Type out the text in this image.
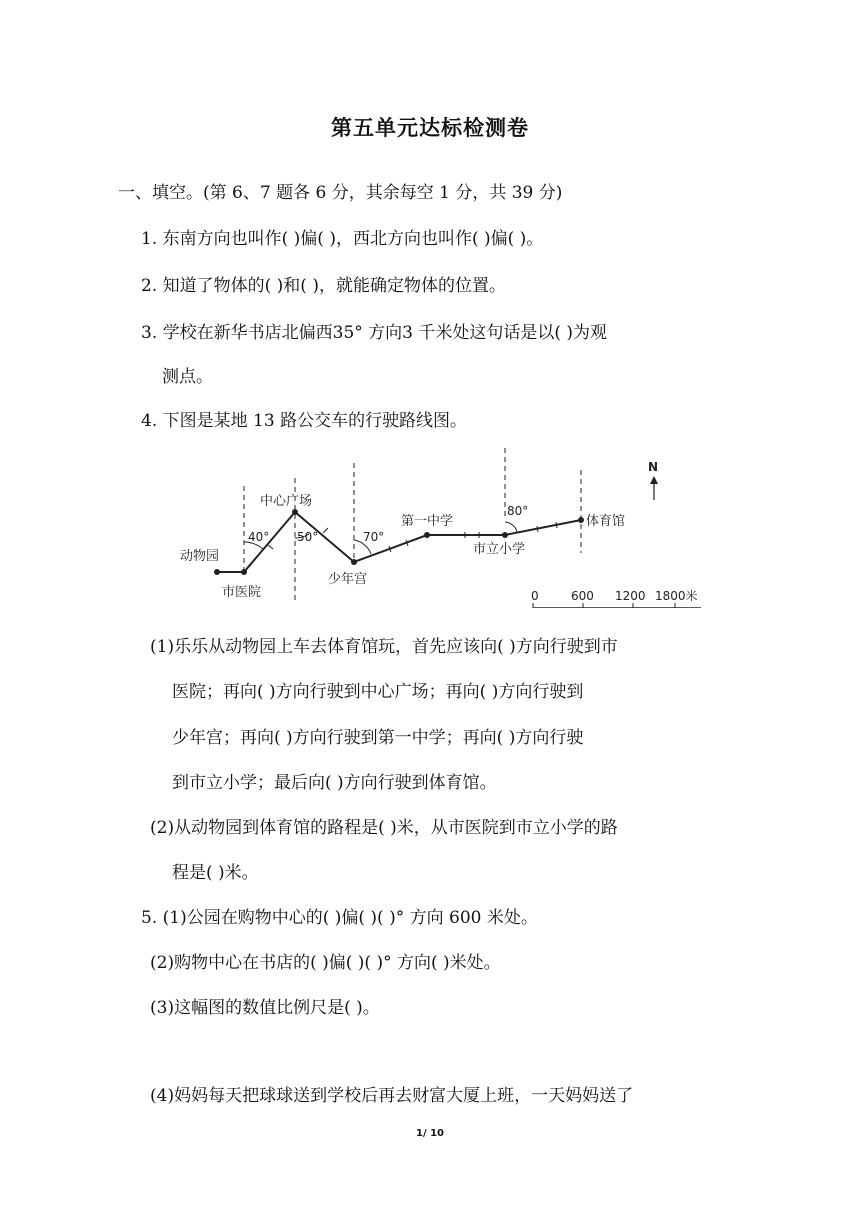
第五单元达标检测卷
一、填空。(第 6、7 题各 6 分，其余每空 1 分，共 39 分)
1. 东南方向也叫作( )偏( )，西北方向也叫作( )偏( )。
2. 知道了物体的( )和( )，就能确定物体的位置。
3. 学校在新华书店北偏西35° 方向3 千米处这句话是以( )为观
测点。
4. 下图是某地 13 路公交车的行驶路线图。
(1)乐乐从动物园上车去体育馆玩，首先应该向( )方向行驶到市
医院；再向( )方向行驶到中心广场；再向( )方向行驶到
少年宫；再向( )方向行驶到第一中学；再向( )方向行驶
到市立小学；最后向( )方向行驶到体育馆。
(2)从动物园到体育馆的路程是( )米，从市医院到市立小学的路
程是( )米。
5. (1)公园在购物中心的( )偏( )( )° 方向 600 米处。
(2)购物中心在书店的( )偏( )( )° 方向( )米处。
(3)这幅图的数值比例尺是( )。
(4)妈妈每天把球球送到学校后再去财富大厦上班，一天妈妈送了
动物园
市医院
中心广场
少年宫
第一中学
市立小学
体育馆
40° 50°	70°
80°
N
0	600 1200 1800米
1/ 10
